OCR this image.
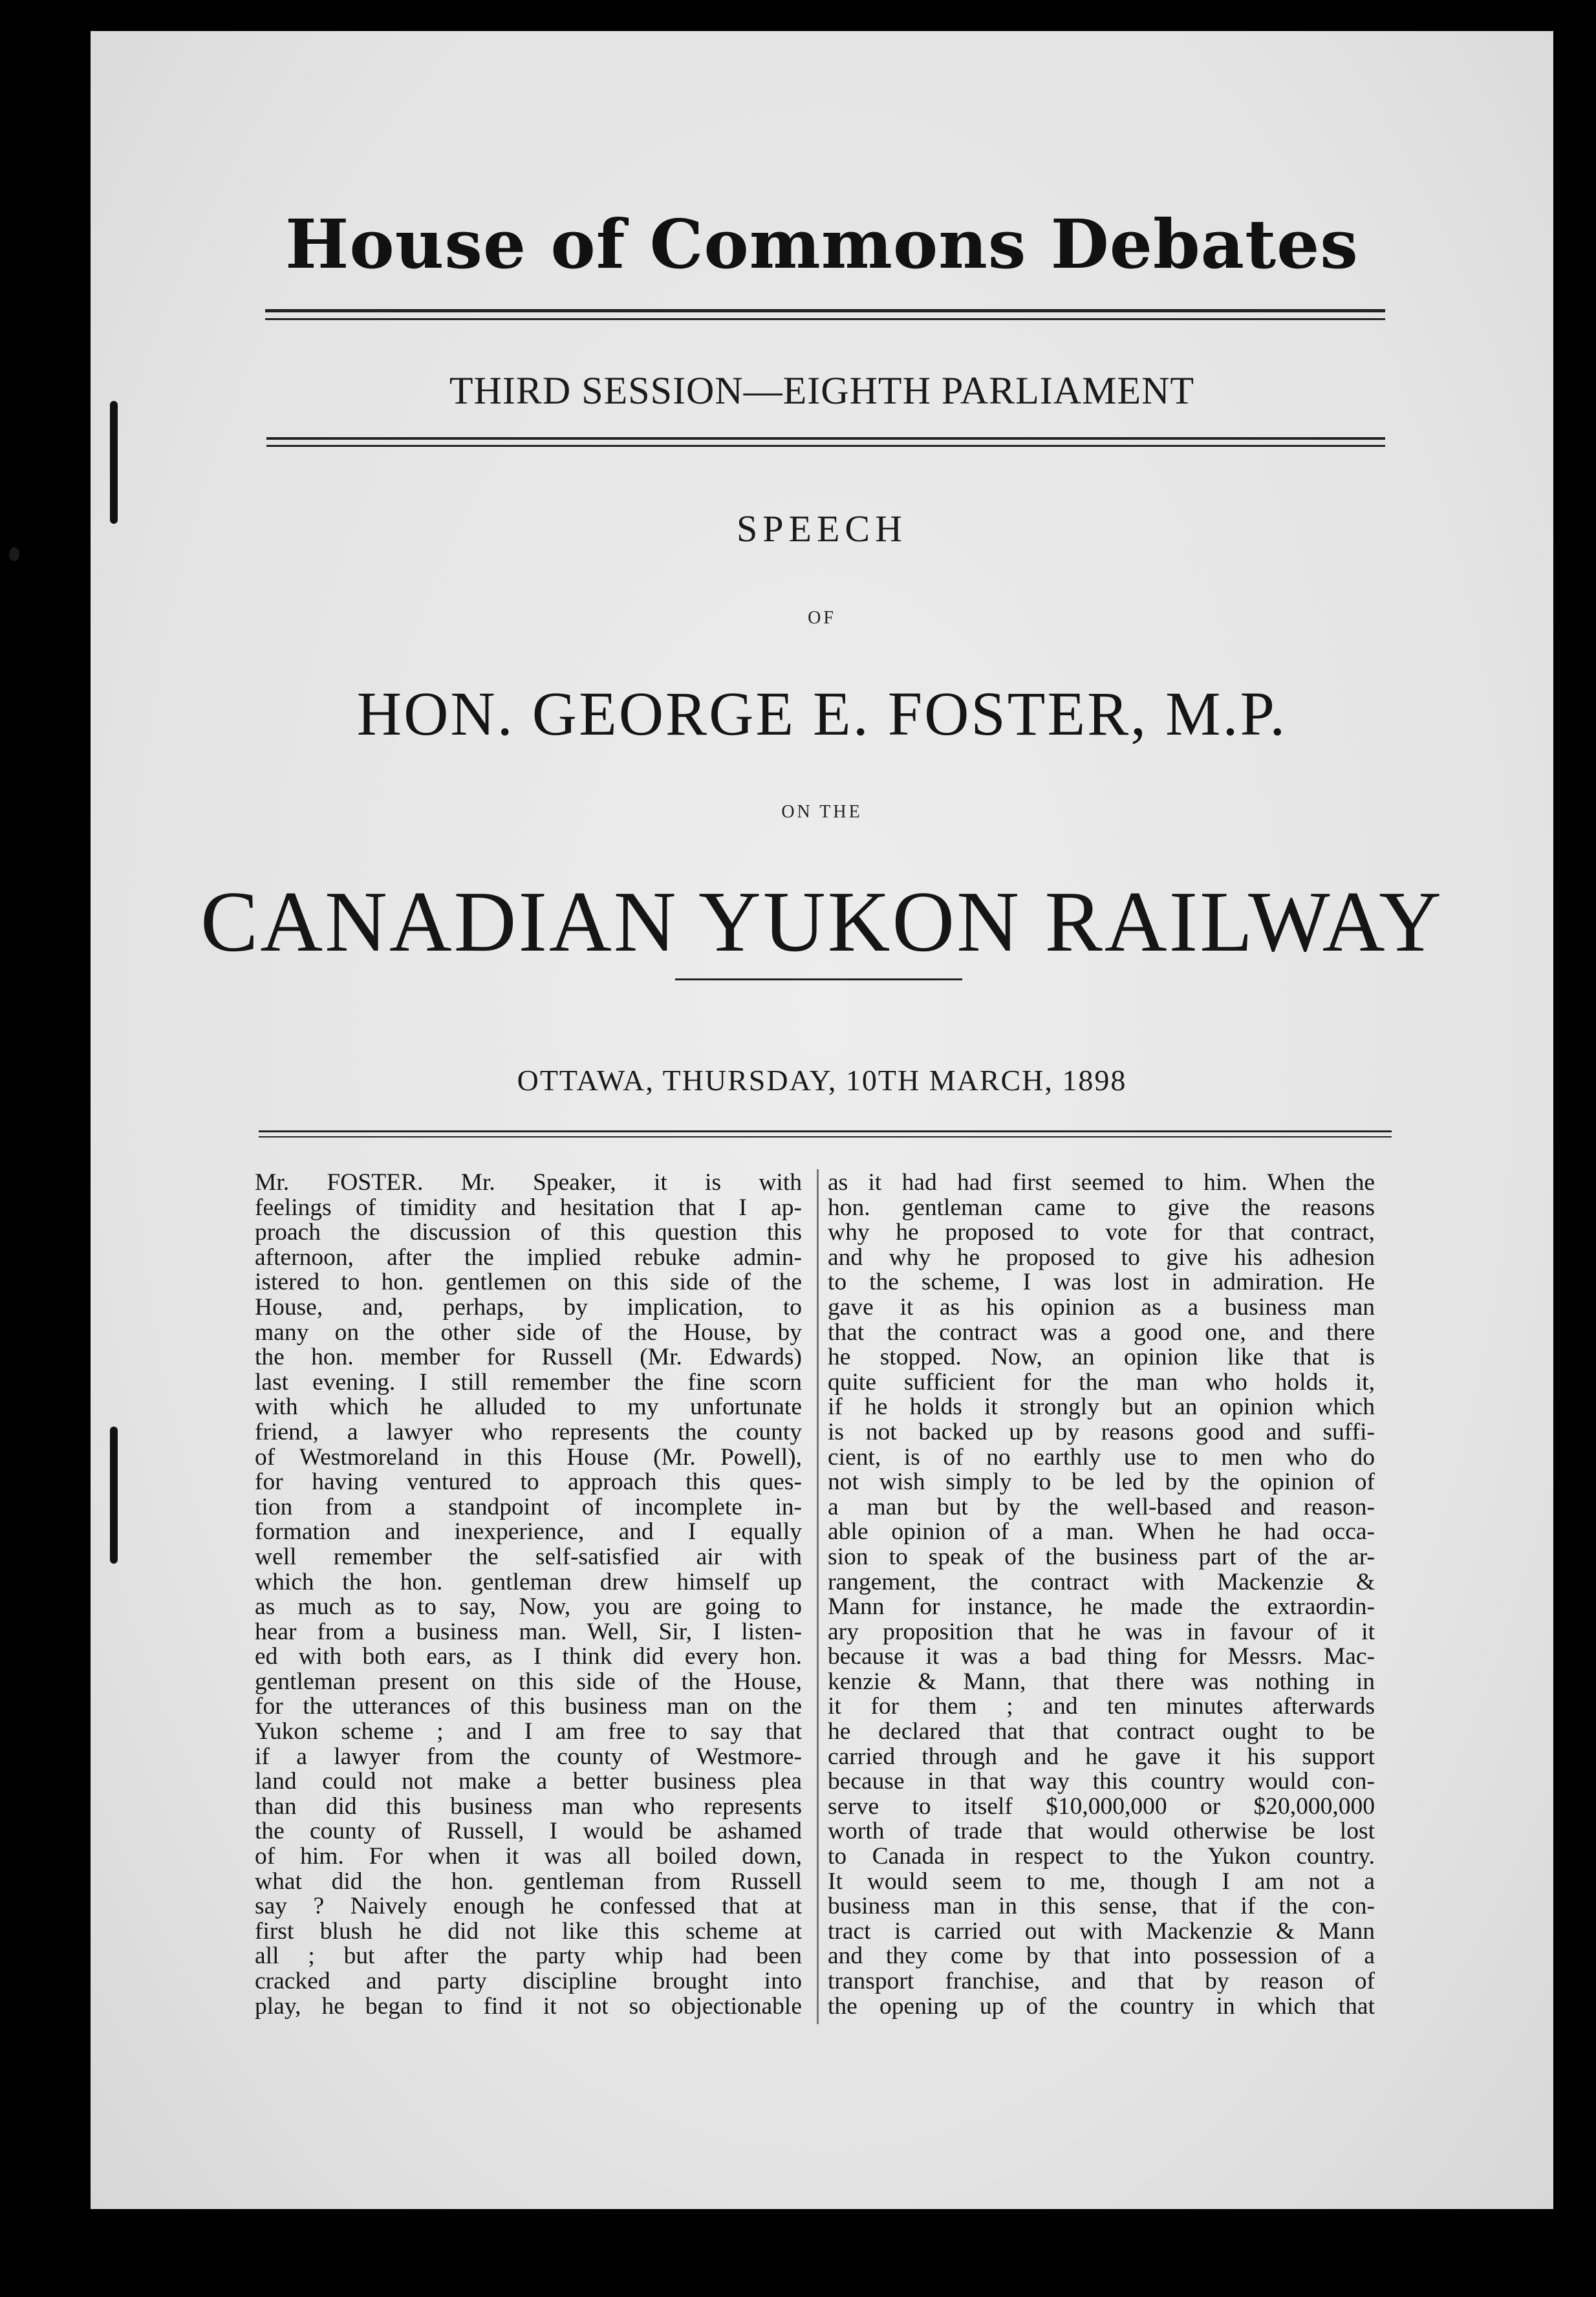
House of Commons Debates
THIRD SESSION—EIGHTH PARLIAMENT
SPEECH
OF
HON. GEORGE E. FOSTER, M.P.
ON THE
CANADIAN YUKON RAILWAY
OTTAWA, THURSDAY, 10TH MARCH, 1898
Mr. FOSTER. Mr. Speaker, it is with
feelings of timidity and hesitation that I ap-
proach the discussion of this question this
afternoon, after the implied rebuke admin-
istered to hon. gentlemen on this side of the
House, and, perhaps, by implication, to
many on the other side of the House, by
the hon. member for Russell (Mr. Edwards)
last evening. I still remember the fine scorn
with which he alluded to my unfortunate
friend, a lawyer who represents the county
of Westmoreland in this House (Mr. Powell),
for having ventured to approach this ques-
tion from a standpoint of incomplete in-
formation and inexperience, and I equally
well remember the self-satisfied air with
which the hon. gentleman drew himself up
as much as to say, Now, you are going to
hear from a business man. Well, Sir, I listen-
ed with both ears, as I think did every hon.
gentleman present on this side of the House,
for the utterances of this business man on the
Yukon scheme ; and I am free to say that
if a lawyer from the county of Westmore-
land could not make a better business plea
than did this business man who represents
the county of Russell, I would be ashamed
of him. For when it was all boiled down,
what did the hon. gentleman from Russell
say ? Naively enough he confessed that at
first blush he did not like this scheme at
all ; but after the party whip had been
cracked and party discipline brought into
play, he began to find it not so objectionable
as it had had first seemed to him. When the
hon. gentleman came to give the reasons
why he proposed to vote for that contract,
and why he proposed to give his adhesion
to the scheme, I was lost in admiration. He
gave it as his opinion as a business man
that the contract was a good one, and there
he stopped. Now, an opinion like that is
quite sufficient for the man who holds it,
if he holds it strongly but an opinion which
is not backed up by reasons good and suffi-
cient, is of no earthly use to men who do
not wish simply to be led by the opinion of
a man but by the well-based and reason-
able opinion of a man. When he had occa-
sion to speak of the business part of the ar-
rangement, the contract with Mackenzie &
Mann for instance, he made the extraordin-
ary proposition that he was in favour of it
because it was a bad thing for Messrs. Mac-
kenzie & Mann, that there was nothing in
it for them ; and ten minutes afterwards
he declared that that contract ought to be
carried through and he gave it his support
because in that way this country would con-
serve to itself $10,000,000 or $20,000,000
worth of trade that would otherwise be lost
to Canada in respect to the Yukon country.
It would seem to me, though I am not a
business man in this sense, that if the con-
tract is carried out with Mackenzie & Mann
and they come by that into possession of a
transport franchise, and that by reason of
the opening up of the country in which that
